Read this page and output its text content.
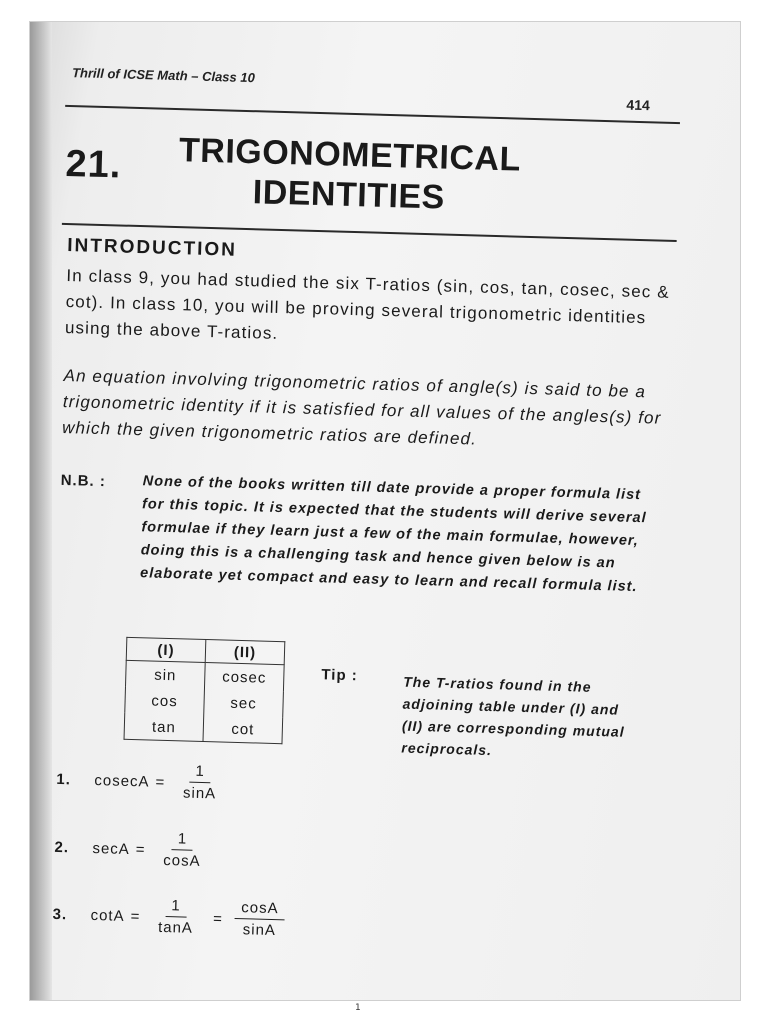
Thrill of ICSE Math – Class 10
414
21.	TRIGONOMETRICAL
IDENTITIES
INTRODUCTION
In class 9, you had studied the six T-ratios (sin, cos, tan, cosec, sec & cot). In class 10, you will be proving several trigonometric identities using the above T-ratios.
An equation involving trigonometric ratios of angle(s) is said to be a trigonometric identity if it is satisfied for all values of the angles(s) for which the given trigonometric ratios are defined.
N.B. :	None of the books written till date provide a proper formula list for this topic. It is expected that the students will derive several formulae if they learn just a few of the main formulae, however, doing this is a challenging task and hence given below is an elaborate yet compact and easy to learn and recall formula list.
(I)	(II)
sin	cosec
cos	sec
tan	cot
Tip :	The T-ratios found in the adjoining table under (I) and (II) are corresponding mutual reciprocals.
1.	$cosecA = \frac{1}{\sin A}$
2.	$\sec A = \frac{1}{\cos A}$
3.	$\cot A = \frac{1}{\tan A} = \frac{\cos A}{\sin A}$
1
